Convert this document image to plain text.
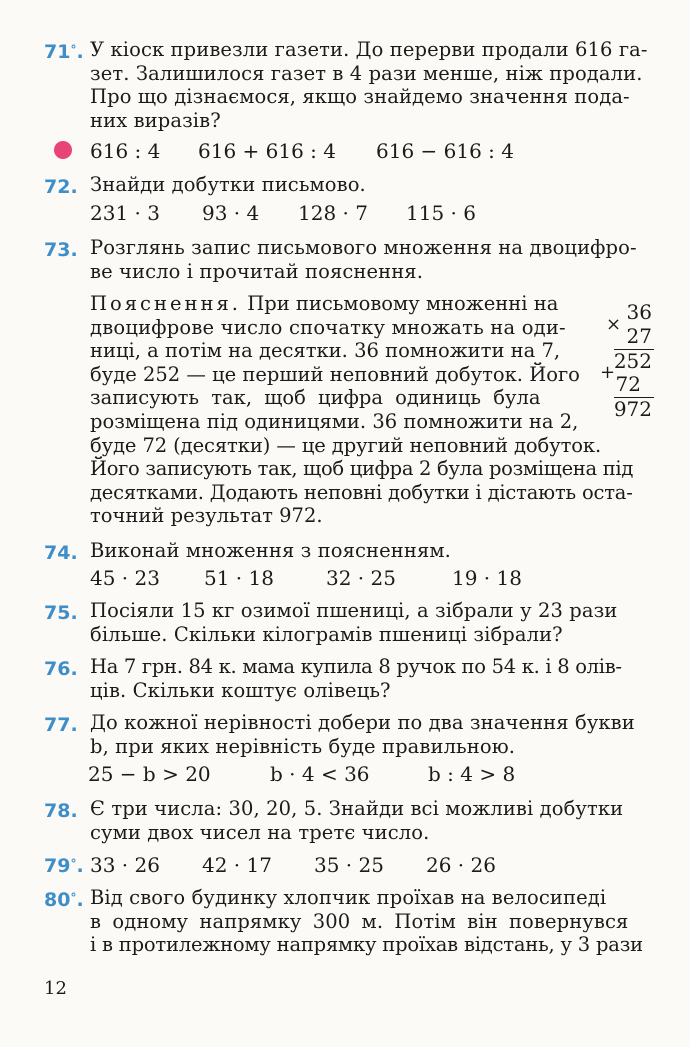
71°. У кіоск привезли газети. До перерви продали 616 га-
зет. Залишилося газет в 4 рази менше, ніж продали.
Про що дізнаємося, якщо знайдемо значення пода-
них виразів?
616 : 4 616 + 616 : 4 616 − 616 : 4
72. Знайди добутки письмово.
231 · 3 93 · 4 128 · 7 115 · 6
73. Розглянь запис письмового множення на двоцифро-
ве число і прочитай пояснення.
Пояснення. При письмовому множенні на
двоцифрове число спочатку множать на оди-
ниці, а потім на десятки. 36 помножити на 7,
буде 252 — це перший неповний добуток. Його
записують так, щоб цифра одиниць була
розміщена під одиницями. 36 помножити на 2,
буде 72 (десятки) — це другий неповний добуток.
Його записують так, щоб цифра 2 була розміщена під
десятками. Додають неповні добутки і дістають оста-
точний результат 972.
36
× 27
252
+ 72
972
74. Виконай множення з поясненням.
45 · 23 51 · 18	32 · 25	19 · 18
75. Посіяли 15 кг озимої пшениці, а зібрали у 23 рази
більше. Скільки кілограмів пшениці зібрали?
76. На 7 грн. 84 к. мама купила 8 ручок по 54 к. і 8 олів-
ців. Скільки коштує олівець?
77. До кожної нерівності добери по два значення букви
b, при яких нерівність буде правильною.
25 − b > 20	b · 4 < 36	b : 4 > 8
78. Є три числа: 30, 20, 5. Знайди всі можливі добутки
суми двох чисел на третє число.
79°. 33 · 26 42 · 17 35 · 25 26 · 26
80°. Від свого будинку хлопчик проїхав на велосипеді
в одному напрямку 300 м. Потім він повернувся
і в протилежному напрямку проїхав відстань, у 3 рази
12
